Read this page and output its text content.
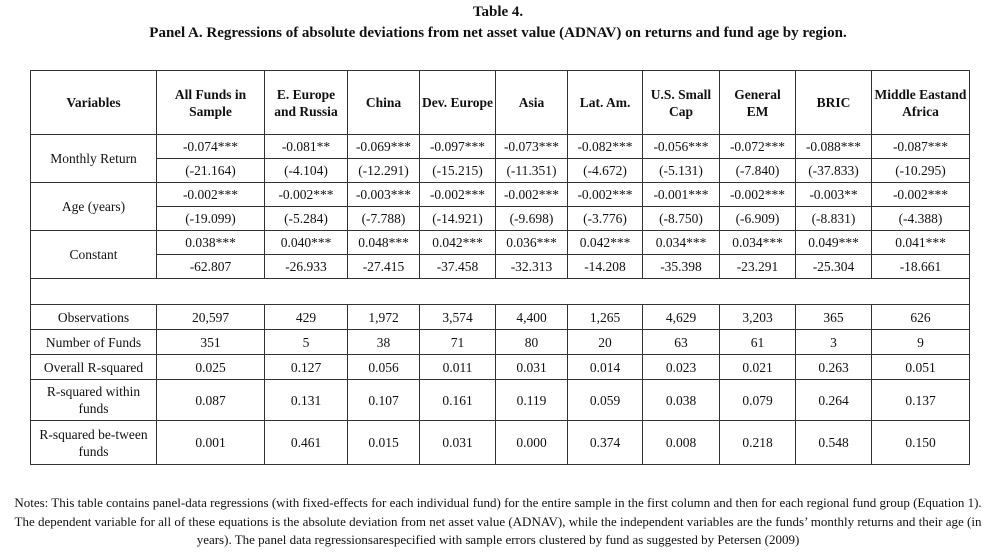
Table 4.
Panel A. Regressions of absolute deviations from net asset value (ADNAV) on returns and fund age by region.
Variables	All Funds in Sample	E. Europe and Russia	China	Dev. Europe	Asia	Lat. Am.	U.S. Small Cap	General EM	BRIC	Middle Eastand Africa
Monthly Return	-0.074***	-0.081**	-0.069***	-0.097***	-0.073***	-0.082***	-0.056***	-0.072***	-0.088***	-0.087***
	(-21.164)	(-4.104)	(-12.291)	(-15.215)	(-11.351)	(-4.672)	(-5.131)	(-7.840)	(-37.833)	(-10.295)
Age (years)	-0.002***	-0.002***	-0.003***	-0.002***	-0.002***	-0.002***	-0.001***	-0.002***	-0.003**	-0.002***
	(-19.099)	(-5.284)	(-7.788)	(-14.921)	(-9.698)	(-3.776)	(-8.750)	(-6.909)	(-8.831)	(-4.388)
Constant	0.038***	0.040***	0.048***	0.042***	0.036***	0.042***	0.034***	0.034***	0.049***	0.041***
	-62.807	-26.933	-27.415	-37.458	-32.313	-14.208	-35.398	-23.291	-25.304	-18.661

Observations	20,597	429	1,972	3,574	4,400	1,265	4,629	3,203	365	626
Number of Funds	351	5	38	71	80	20	63	61	3	9
Overall R-squared	0.025	0.127	0.056	0.011	0.031	0.014	0.023	0.021	0.263	0.051
R-squared within funds	0.087	0.131	0.107	0.161	0.119	0.059	0.038	0.079	0.264	0.137
R-squared be-tween funds	0.001	0.461	0.015	0.031	0.000	0.374	0.008	0.218	0.548	0.150
Notes: This table contains panel-data regressions (with fixed-effects for each individual fund) for the entire sample in the first column and then for each regional fund group (Equation 1). The dependent variable for all of these equations is the absolute deviation from net asset value (ADNAV), while the independent variables are the funds’ monthly returns and their age (in years). The panel data regressionsarespecified with sample errors clustered by fund as suggested by Petersen (2009)
